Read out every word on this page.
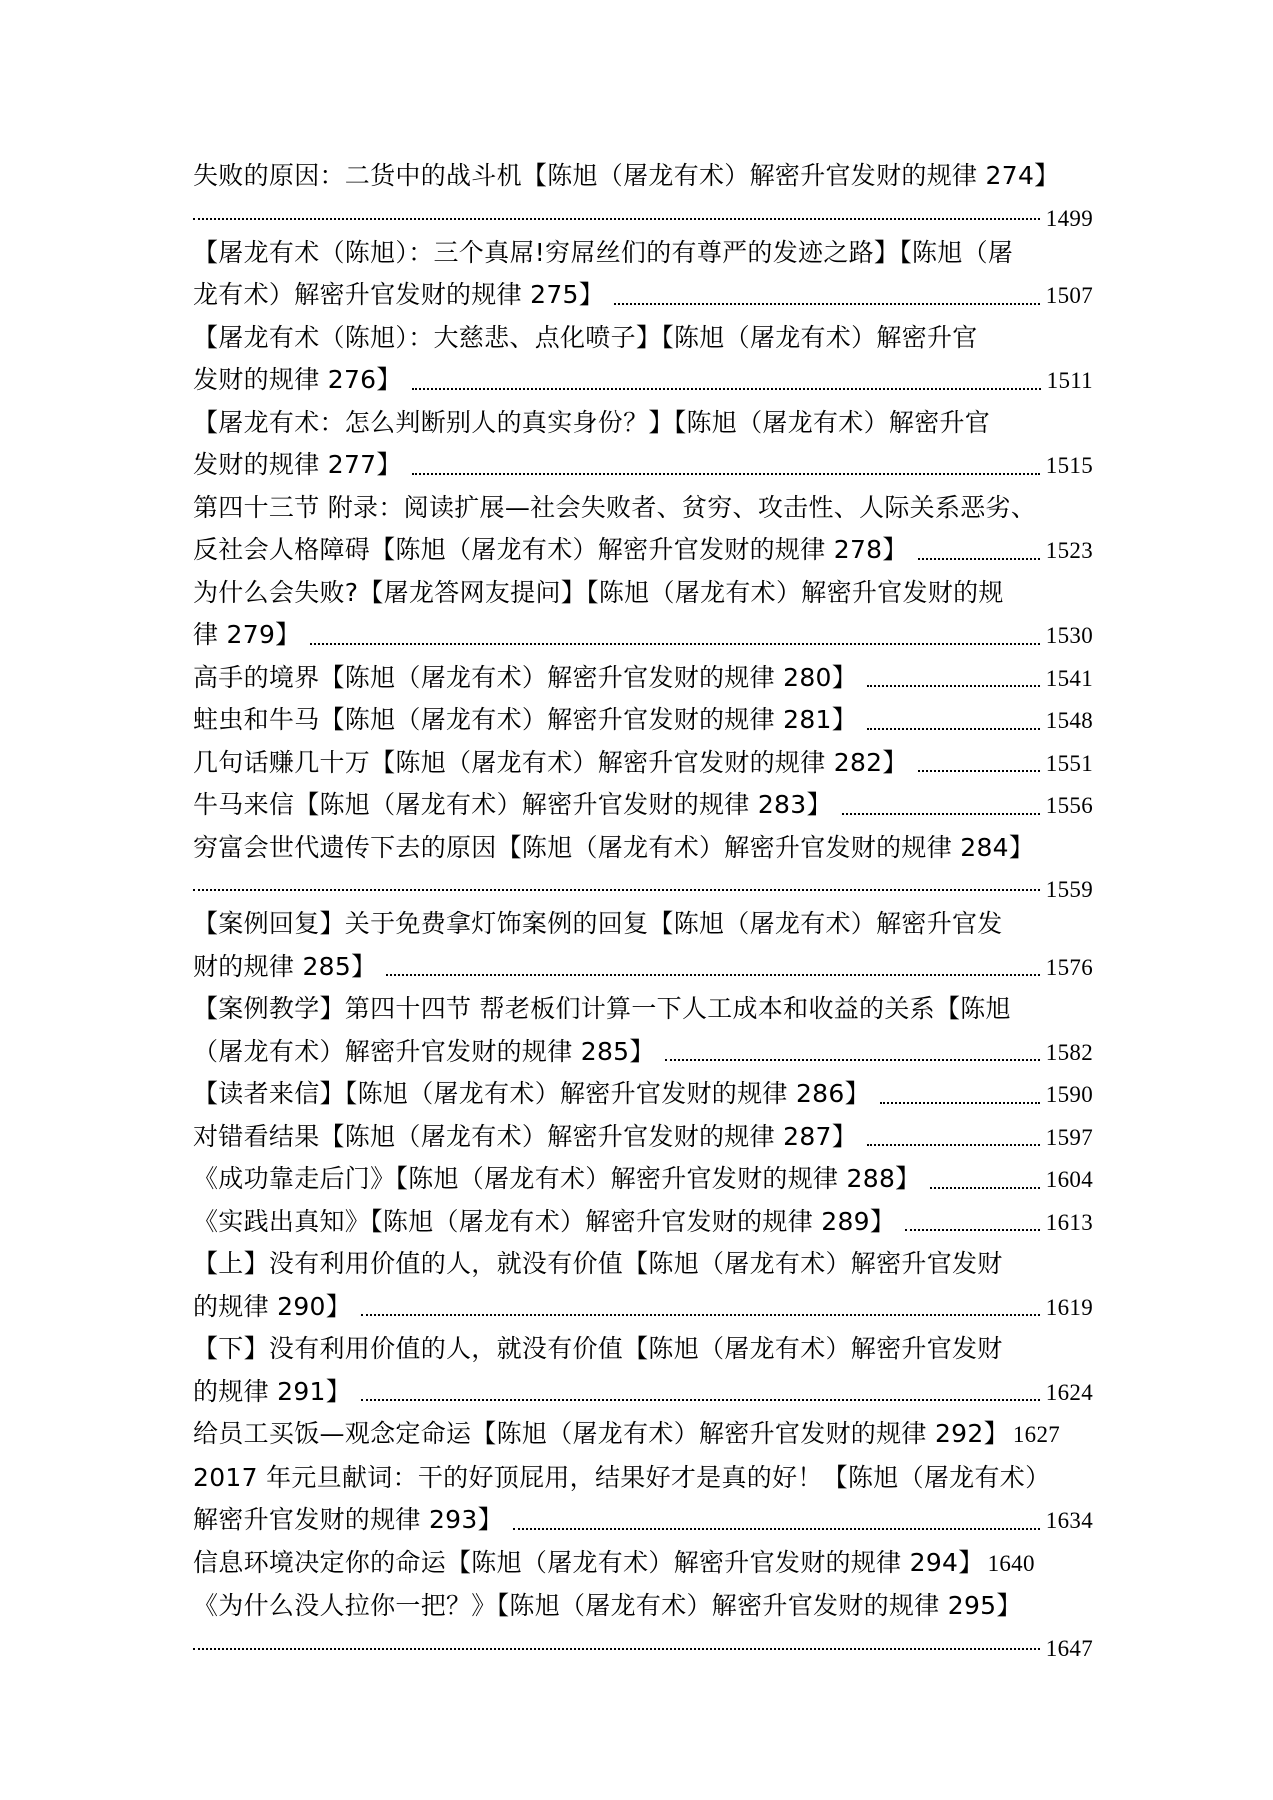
失败的原因：二货中的战斗机【陈旭（屠龙有术）解密升官发财的规律 274】
1499
【屠龙有术（陈旭）：三个真屌!穷屌丝们的有尊严的发迹之路】【陈旭（屠
龙有术）解密升官发财的规律 275】	1507
【屠龙有术（陈旭）：大慈悲、点化喷子】【陈旭（屠龙有术）解密升官
发财的规律 276】	1511
【屠龙有术：怎么判断别人的真实身份？】【陈旭（屠龙有术）解密升官
发财的规律 277】	1515
第四十三节 附录：阅读扩展—社会失败者、贫穷、攻击性、人际关系恶劣、
反社会人格障碍【陈旭（屠龙有术）解密升官发财的规律 278】	1523
为什么会失败?【屠龙答网友提问】【陈旭（屠龙有术）解密升官发财的规
律 279】	1530
高手的境界【陈旭（屠龙有术）解密升官发财的规律 280】	1541
蛀虫和牛马【陈旭（屠龙有术）解密升官发财的规律 281】	1548
几句话赚几十万【陈旭（屠龙有术）解密升官发财的规律 282】	1551
牛马来信【陈旭（屠龙有术）解密升官发财的规律 283】	1556
穷富会世代遗传下去的原因【陈旭（屠龙有术）解密升官发财的规律 284】
1559
【案例回复】关于免费拿灯饰案例的回复【陈旭（屠龙有术）解密升官发
财的规律 285】	1576
【案例教学】第四十四节 帮老板们计算一下人工成本和收益的关系【陈旭
（屠龙有术）解密升官发财的规律 285】	1582
【读者来信】【陈旭（屠龙有术）解密升官发财的规律 286】	1590
对错看结果【陈旭（屠龙有术）解密升官发财的规律 287】	1597
《成功靠走后门》【陈旭（屠龙有术）解密升官发财的规律 288】	1604
《实践出真知》【陈旭（屠龙有术）解密升官发财的规律 289】	1613
【上】没有利用价值的人，就没有价值【陈旭（屠龙有术）解密升官发财
的规律 290】	1619
【下】没有利用价值的人，就没有价值【陈旭（屠龙有术）解密升官发财
的规律 291】	1624
给员工买饭—观念定命运【陈旭（屠龙有术）解密升官发财的规律 292】 1627
2017 年元旦献词：干的好顶屁用，结果好才是真的好！【陈旭（屠龙有术）
解密升官发财的规律 293】	1634
信息环境决定你的命运【陈旭（屠龙有术）解密升官发财的规律 294】 1640
《为什么没人拉你一把？》【陈旭（屠龙有术）解密升官发财的规律 295】
1647
